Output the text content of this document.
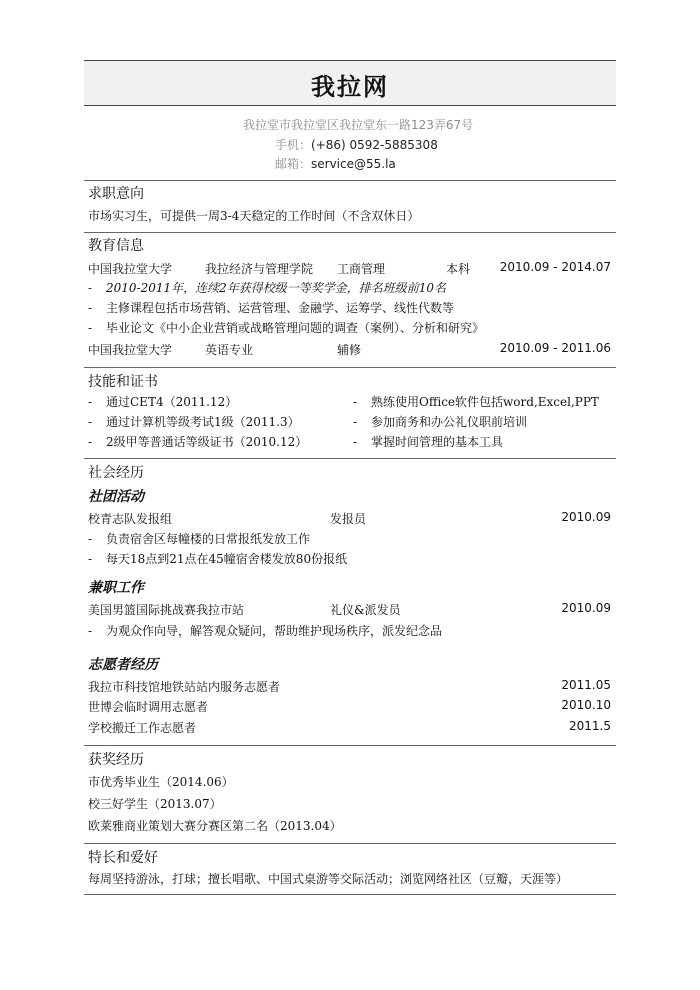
我拉网
我拉堂市我拉堂区我拉堂东一路123弄67号
手机：(+86) 0592-5885308
邮箱：service@55.la
求职意向
市场实习生，可提供一周3-4天稳定的工作时间（不含双休日）
教育信息
中国我拉堂大学	我拉经济与管理学院 工商管理	本科 2010.09 - 2014.07
- 2010-2011年，连续2年获得校级一等奖学金，排名班级前10名
- 主修课程包括市场营销、运营管理、金融学、运筹学、线性代数等
- 毕业论文《中小企业营销或战略管理问题的调查（案例）、分析和研究》
中国我拉堂大学	英语专业	辅修	2010.09 - 2011.06
技能和证书
- 通过CET4（2011.12）
- 通过计算机等级考试1级（2011.3）
- 2级甲等普通话等级证书（2010.12）
- 熟练使用Office软件包括word,Excel,PPT
- 参加商务和办公礼仪职前培训
- 掌握时间管理的基本工具
社会经历
社团活动
校青志队发报组	发报员	2010.09
- 负责宿舍区每幢楼的日常报纸发放工作
- 每天18点到21点在45幢宿舍楼发放80份报纸
兼职工作
美国男篮国际挑战赛我拉市站	礼仪&派发员	2010.09
- 为观众作向导，解答观众疑问，帮助维护现场秩序，派发纪念品
志愿者经历
我拉市科技馆地铁站站内服务志愿者	2011.05
世博会临时调用志愿者	2010.10
学校搬迁工作志愿者	2011.5
获奖经历
市优秀毕业生（2014.06）
校三好学生（2013.07）
欧莱雅商业策划大赛分赛区第二名（2013.04）
特长和爱好
每周坚持游泳，打球；擅长唱歌、中国式桌游等交际活动；浏览网络社区（豆瓣，天涯等）
